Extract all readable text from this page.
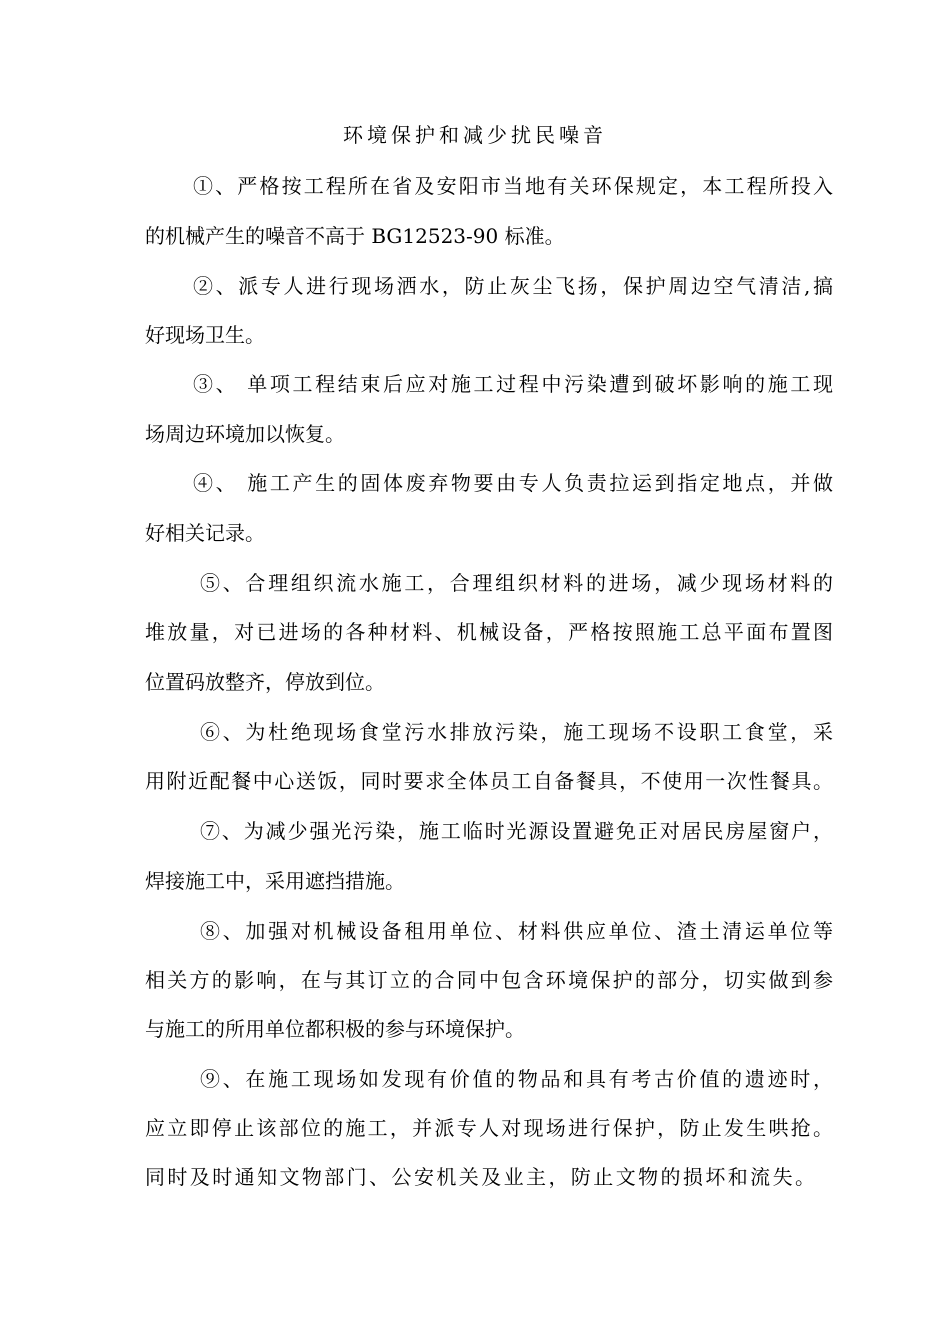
环境保护和减少扰民噪音
①、严格按工程所在省及安阳市当地有关环保规定，本工程所投入
的机械产生的噪音不高于 BG12523-90 标准。
②、派专人进行现场洒水，防止灰尘飞扬，保护周边空气清洁,搞
好现场卫生。
③、 单项工程结束后应对施工过程中污染遭到破坏影响的施工现
场周边环境加以恢复。
④、 施工产生的固体废弃物要由专人负责拉运到指定地点，并做
好相关记录。
⑤、合理组织流水施工，合理组织材料的进场，减少现场材料的
堆放量，对已进场的各种材料、机械设备，严格按照施工总平面布置图
位置码放整齐，停放到位。
⑥、为杜绝现场食堂污水排放污染，施工现场不设职工食堂，采
用附近配餐中心送饭，同时要求全体员工自备餐具，不使用一次性餐具。
⑦、为减少强光污染，施工临时光源设置避免正对居民房屋窗户，
焊接施工中，采用遮挡措施。
⑧、加强对机械设备租用单位、材料供应单位、渣土清运单位等
相关方的影响，在与其订立的合同中包含环境保护的部分，切实做到参
与施工的所用单位都积极的参与环境保护。
⑨、在施工现场如发现有价值的物品和具有考古价值的遗迹时，
应立即停止该部位的施工，并派专人对现场进行保护，防止发生哄抢。
同时及时通知文物部门、公安机关及业主，防止文物的损坏和流失。
